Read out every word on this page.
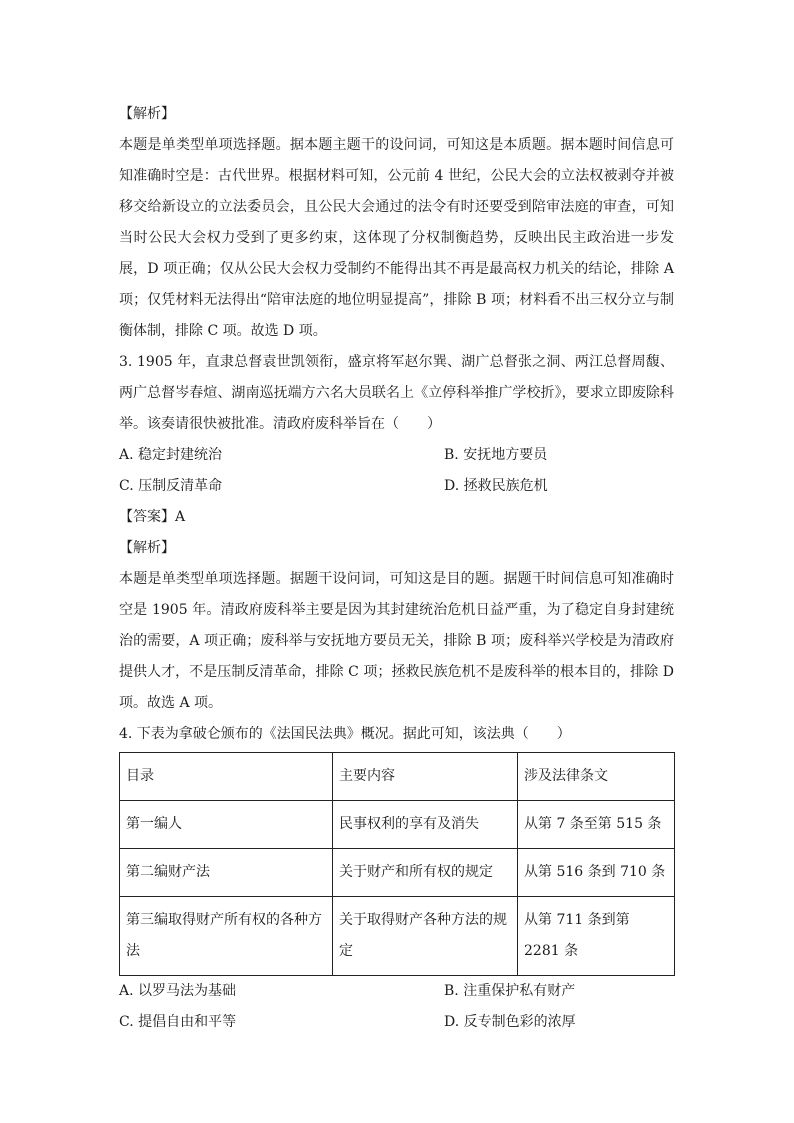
【解析】

本题是单类型单项选择题。据本题主题干的设问词，可知这是本质题。据本题时间信息可知准确时空是：古代世界。根据材料可知，公元前 4 世纪，公民大会的立法权被剥夺并被移交给新设立的立法委员会，且公民大会通过的法令有时还要受到陪审法庭的审查，可知当时公民大会权力受到了更多约束，这体现了分权制衡趋势，反映出民主政治进一步发展，D 项正确；仅从公民大会权力受制约不能得出其不再是最高权力机关的结论，排除 A 项；仅凭材料无法得出“陪审法庭的地位明显提高”，排除 B 项；材料看不出三权分立与制衡体制，排除 C 项。故选 D 项。

3. 1905 年，直隶总督袁世凯领衔，盛京将军赵尔巽、湖广总督张之洞、两江总督周馥、两广总督岑春煊、湖南巡抚端方六名大员联名上《立停科举推广学校折》，要求立即废除科举。该奏请很快被批准。清政府废科举旨在（　　）

A. 稳定封建统治	B. 安抚地方要员
C. 压制反清革命	D. 拯救民族危机
【答案】A
【解析】

本题是单类型单项选择题。据题干设问词，可知这是目的题。据题干时间信息可知准确时空是 1905 年。清政府废科举主要是因为其封建统治危机日益严重，为了稳定自身封建统治的需要，A 项正确；废科举与安抚地方要员无关，排除 B 项；废科举兴学校是为清政府提供人才，不是压制反清革命，排除 C 项；拯救民族危机不是废科举的根本目的，排除 D 项。故选 A 项。

4. 下表为拿破仑颁布的《法国民法典》概况。据此可知，该法典（　　）

目录	主要内容	涉及法律条文
第一编人	民事权利的享有及消失	从第 7 条至第 515 条
第二编财产法	关于财产和所有权的规定	从第 516 条到 710 条
第三编取得财产所有权的各种方法	关于取得财产各种方法的规定	从第 711 条到第 2281 条
A. 以罗马法为基础	B. 注重保护私有财产
C. 提倡自由和平等	D. 反专制色彩的浓厚
